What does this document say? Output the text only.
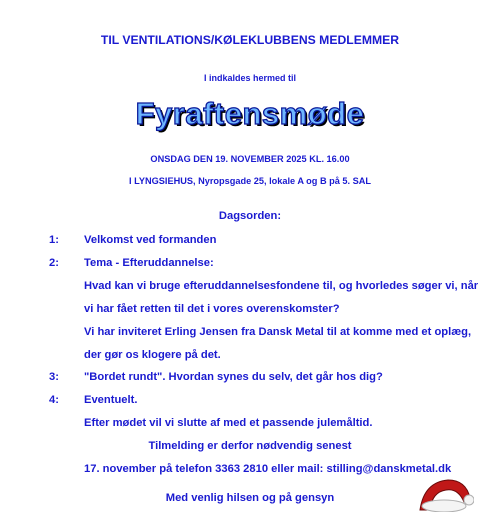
TIL VENTILATIONS/KØLEKLUBBENS MEDLEMMER
I indkaldes hermed til
Fyraftensmøde
ONSDAG DEN 19. NOVEMBER 2025 KL. 16.00
I LYNGSIEHUS, Nyropsgade 25, lokale A og B på 5. SAL
Dagsorden:
1: Velkomst ved formanden
2: Tema - Efteruddannelse:
Hvad kan vi bruge efteruddannelsesfondene til, og hvorledes søger vi, når
vi har fået retten til det i vores overenskomster?
Vi har inviteret Erling Jensen fra Dansk Metal til at komme med et oplæg,
der gør os klogere på det.
3: "Bordet rundt". Hvordan synes du selv, det går hos dig?
4: Eventuelt.
Efter mødet vil vi slutte af med et passende julemåltid.
Tilmelding er derfor nødvendig senest
17. november på telefon 3363 2810 eller mail: stilling@danskmetal.dk
Med venlig hilsen og på gensyn
